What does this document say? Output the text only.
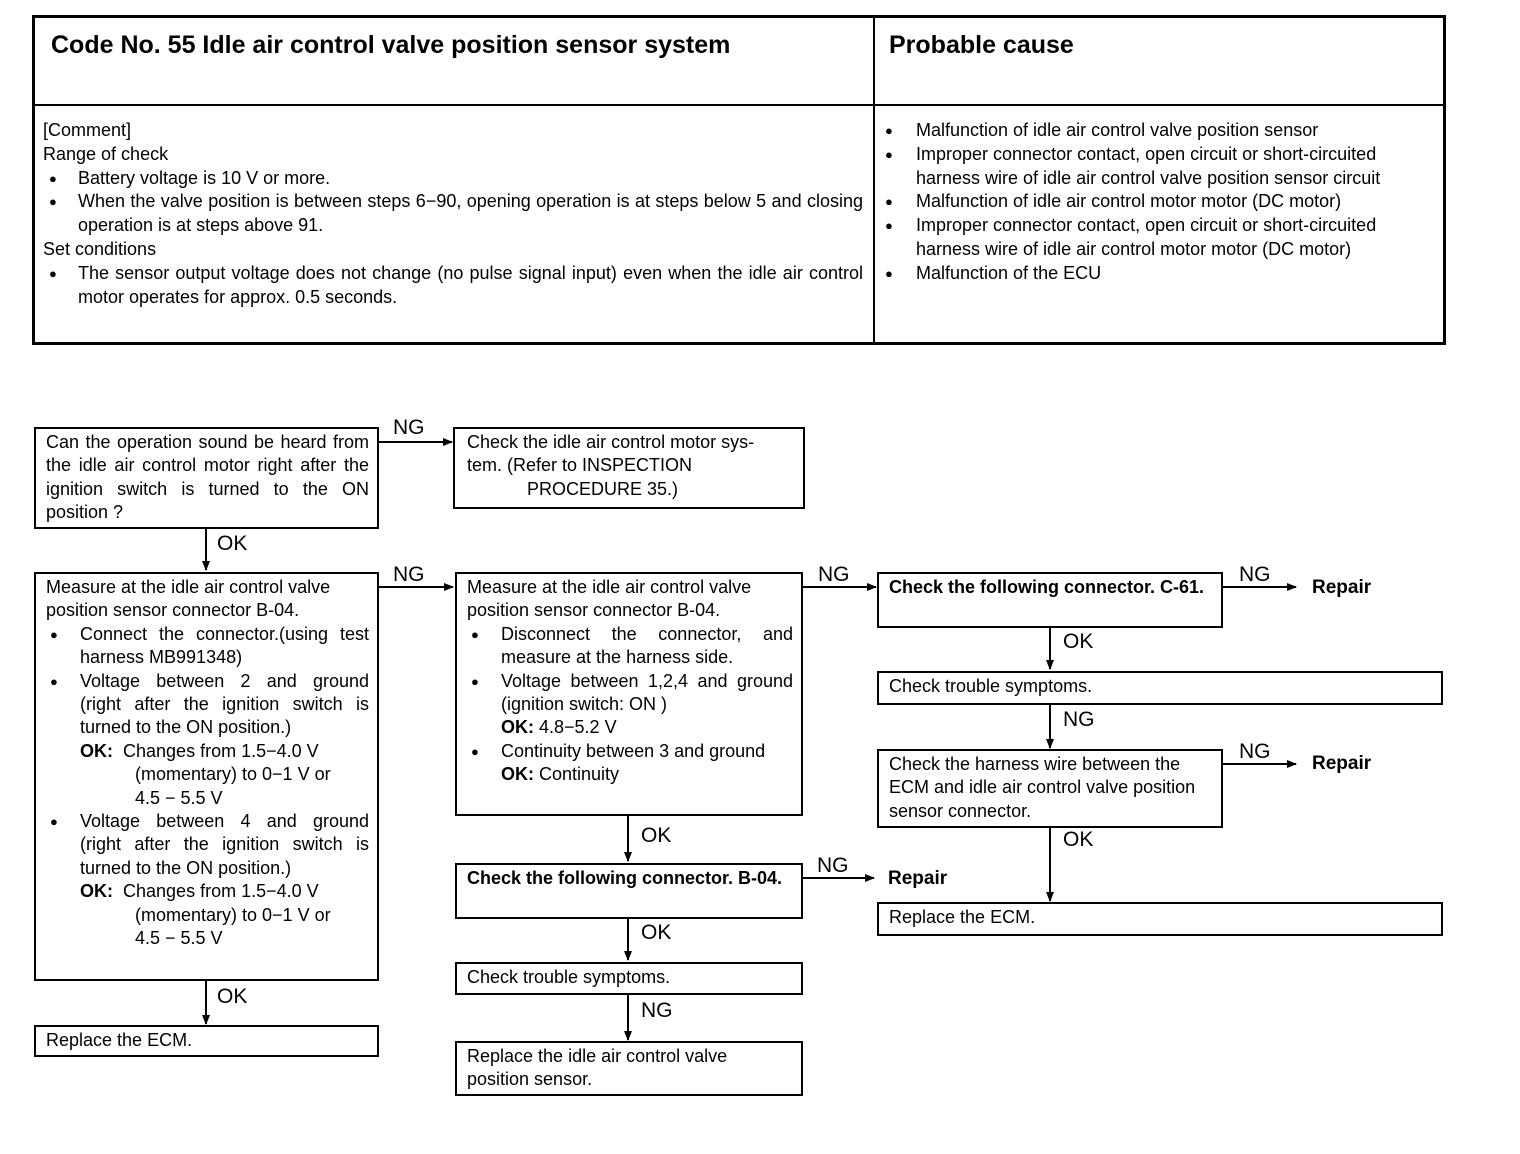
Code No. 55 Idle air control valve position sensor system	Probable cause

[Comment]

Range of check

● Battery voltage is 10 V or more.

● When the valve position is between steps 6−90, opening operation is at steps below 5 and closing operation is at steps above 91.

Set conditions

● The sensor output voltage does not change (no pulse signal input) even when the idle air control motor operates for approx. 0.5 seconds.

● Malfunction of idle air control valve position sensor

● Improper connector contact, open circuit or short-circuited harness wire of idle air control valve position sensor circuit

● Malfunction of idle air control motor motor (DC motor)

● Improper connector contact, open circuit or short-circuited harness wire of idle air control motor motor (DC motor)

● Malfunction of the ECU

Can the operation sound be heard from the idle air control motor right after the ignition switch is turned to the ON position ?

Measure at the idle air control valve position sensor connector B-04.

● Connect the connector.(using test harness MB991348)

● Voltage between 2 and ground (right after the ignition switch is turned to the ON position.)

OK: Changes from 1.5−4.0 V

(momentary) to 0−1 V or

4.5 − 5.5 V

● Voltage between 4 and ground (right after the ignition switch is turned to the ON position.)

OK: Changes from 1.5−4.0 V

(momentary) to 0−1 V or

4.5 − 5.5 V

Replace the ECM.

Check the idle air control motor sys-

tem. (Refer to INSPECTION

PROCEDURE 35.)

Measure at the idle air control valve position sensor connector B-04.

● Disconnect the connector, and measure at the harness side.

● Voltage between 1,2,4 and ground (ignition switch: ON )

OK: 4.8−5.2 V

● Continuity between 3 and ground

OK: Continuity

Check the following connector. B-04.

Check trouble symptoms.

Replace the idle air control valve position sensor.

Check the following connector. C-61.

Check trouble symptoms.

Check the harness wire between the ECM and idle air control valve position sensor connector.

Replace the ECM.

NG
OK
NG
OK
NG
OK
NG
OK
NG
NG
OK
NG
NG
OK
Repair
Repair
Repair
